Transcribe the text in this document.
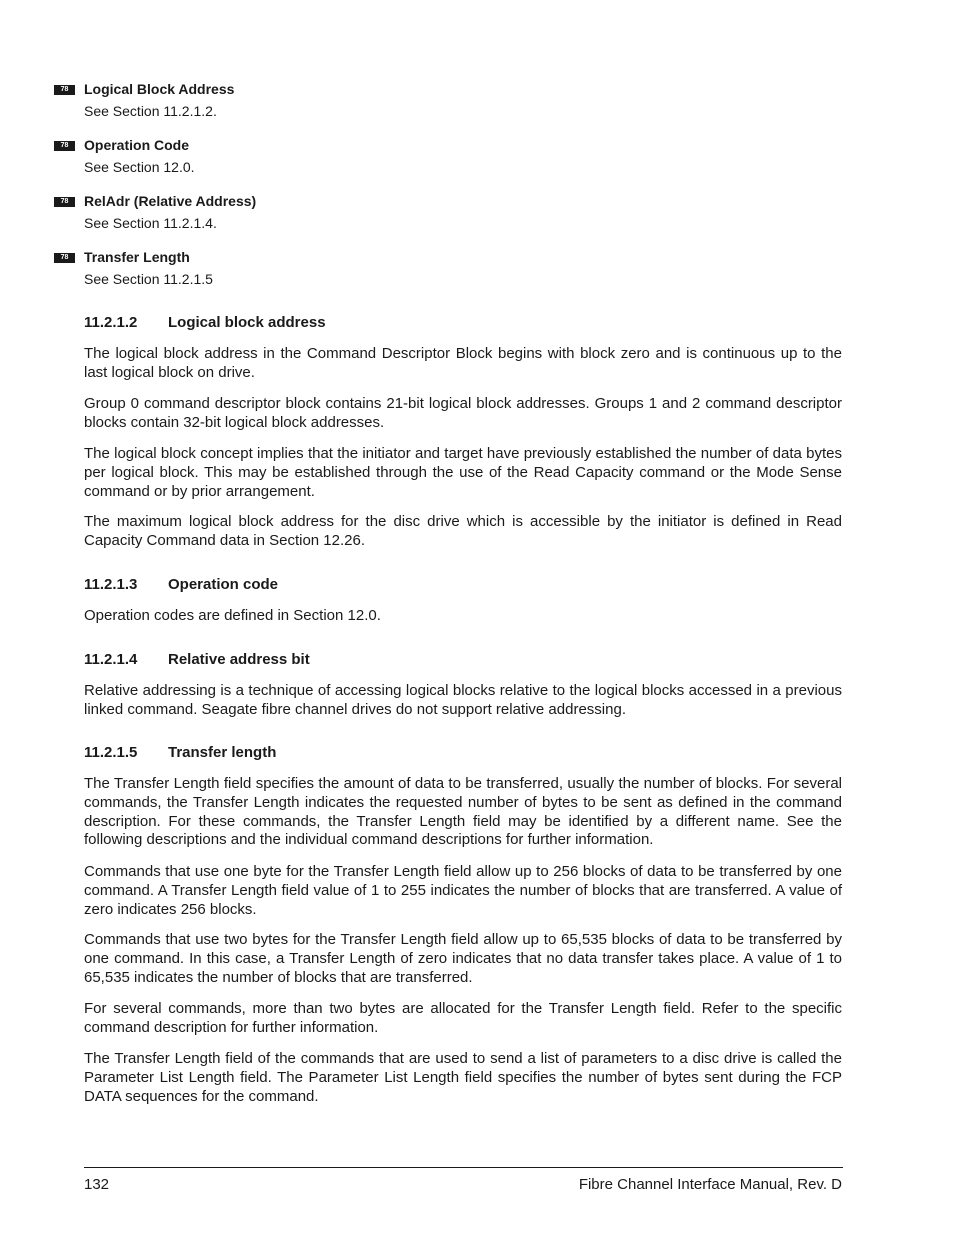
78	Logical Block Address
See Section 11.2.1.2.
78	Operation Code
See Section 12.0.
78	RelAdr (Relative Address)
See Section 11.2.1.4.
78	Transfer Length
See Section 11.2.1.5
11.2.1.2 Logical block address

The logical block address in the Command Descriptor Block begins with block zero and is continuous up to the last logical block on drive.

Group 0 command descriptor block contains 21-bit logical block addresses. Groups 1 and 2 command descriptor blocks contain 32-bit logical block addresses.

The logical block concept implies that the initiator and target have previously established the number of data bytes per logical block. This may be established through the use of the Read Capacity command or the Mode Sense command or by prior arrangement.

The maximum logical block address for the disc drive which is accessible by the initiator is defined in Read Capacity Command data in Section 12.26.

11.2.1.3 Operation code

Operation codes are defined in Section 12.0.

11.2.1.4 Relative address bit

Relative addressing is a technique of accessing logical blocks relative to the logical blocks accessed in a previous linked command. Seagate fibre channel drives do not support relative addressing.

11.2.1.5 Transfer length

The Transfer Length field specifies the amount of data to be transferred, usually the number of blocks. For several commands, the Transfer Length indicates the requested number of bytes to be sent as defined in the command description. For these commands, the Transfer Length field may be identified by a different name. See the following descriptions and the individual command descriptions for further information.

Commands that use one byte for the Transfer Length field allow up to 256 blocks of data to be transferred by one command. A Transfer Length field value of 1 to 255 indicates the number of blocks that are transferred. A value of zero indicates 256 blocks.

Commands that use two bytes for the Transfer Length field allow up to 65,535 blocks of data to be transferred by one command. In this case, a Transfer Length of zero indicates that no data transfer takes place. A value of 1 to 65,535 indicates the number of blocks that are transferred.

For several commands, more than two bytes are allocated for the Transfer Length field. Refer to the specific command description for further information.

The Transfer Length field of the commands that are used to send a list of parameters to a disc drive is called the Parameter List Length field. The Parameter List Length field specifies the number of bytes sent during the FCP DATA sequences for the command.

132	Fibre Channel Interface Manual, Rev. D
